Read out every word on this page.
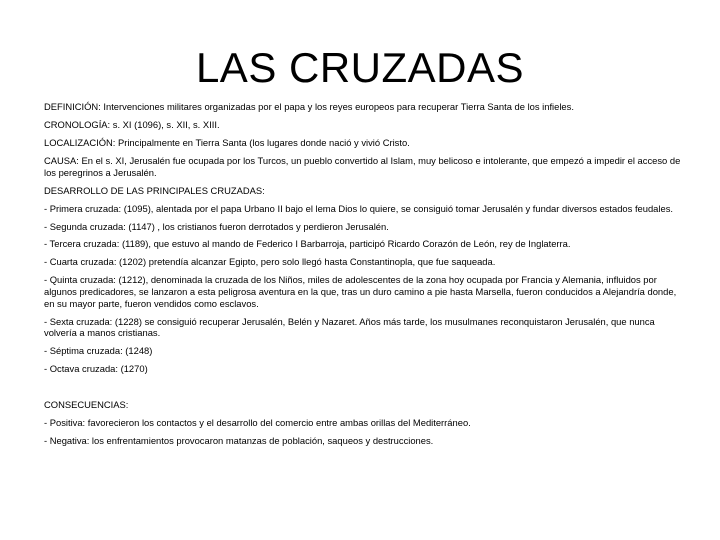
LAS CRUZADAS

DEFINICIÓN: Intervenciones militares organizadas por el papa y los reyes europeos para recuperar Tierra Santa de los infieles.

CRONOLOGÍA: s. XI (1096), s. XII, s. XIII.

LOCALIZACIÓN: Principalmente en Tierra Santa (los lugares donde nació y vivió Cristo.

CAUSA: En el s. XI, Jerusalén fue ocupada por los Turcos, un pueblo convertido al Islam, muy belicoso e intolerante, que empezó a impedir el acceso de los peregrinos a Jerusalén.

DESARROLLO DE LAS PRINCIPALES CRUZADAS:

- Primera cruzada: (1095), alentada por el papa Urbano II bajo el lema Dios lo quiere, se consiguió tomar Jerusalén y fundar diversos estados feudales.

- Segunda cruzada: (1147) , los cristianos fueron derrotados y perdieron Jerusalén.

- Tercera cruzada: (1189), que estuvo al mando de Federico I Barbarroja, participó Ricardo Corazón de León, rey de Inglaterra.

- Cuarta cruzada: (1202) pretendía alcanzar Egipto, pero solo llegó hasta Constantinopla, que fue saqueada.

- Quinta cruzada: (1212), denominada la cruzada de los Niños, miles de adolescentes de la zona hoy ocupada por Francia y Alemania, influidos por algunos predicadores, se lanzaron a esta peligrosa aventura en la que, tras un duro camino a pie hasta Marsella, fueron conducidos a Alejandría donde, en su mayor parte, fueron vendidos como esclavos.

- Sexta cruzada: (1228) se consiguió recuperar Jerusalén, Belén y Nazaret. Años más tarde, los musulmanes reconquistaron Jerusalén, que nunca volvería a manos cristianas.

- Séptima cruzada: (1248)

- Octava cruzada: (1270)

CONSECUENCIAS:

- Positiva: favorecieron los contactos y el desarrollo del comercio entre ambas orillas del Mediterráneo.

- Negativa: los enfrentamientos provocaron matanzas de población, saqueos y destrucciones.
